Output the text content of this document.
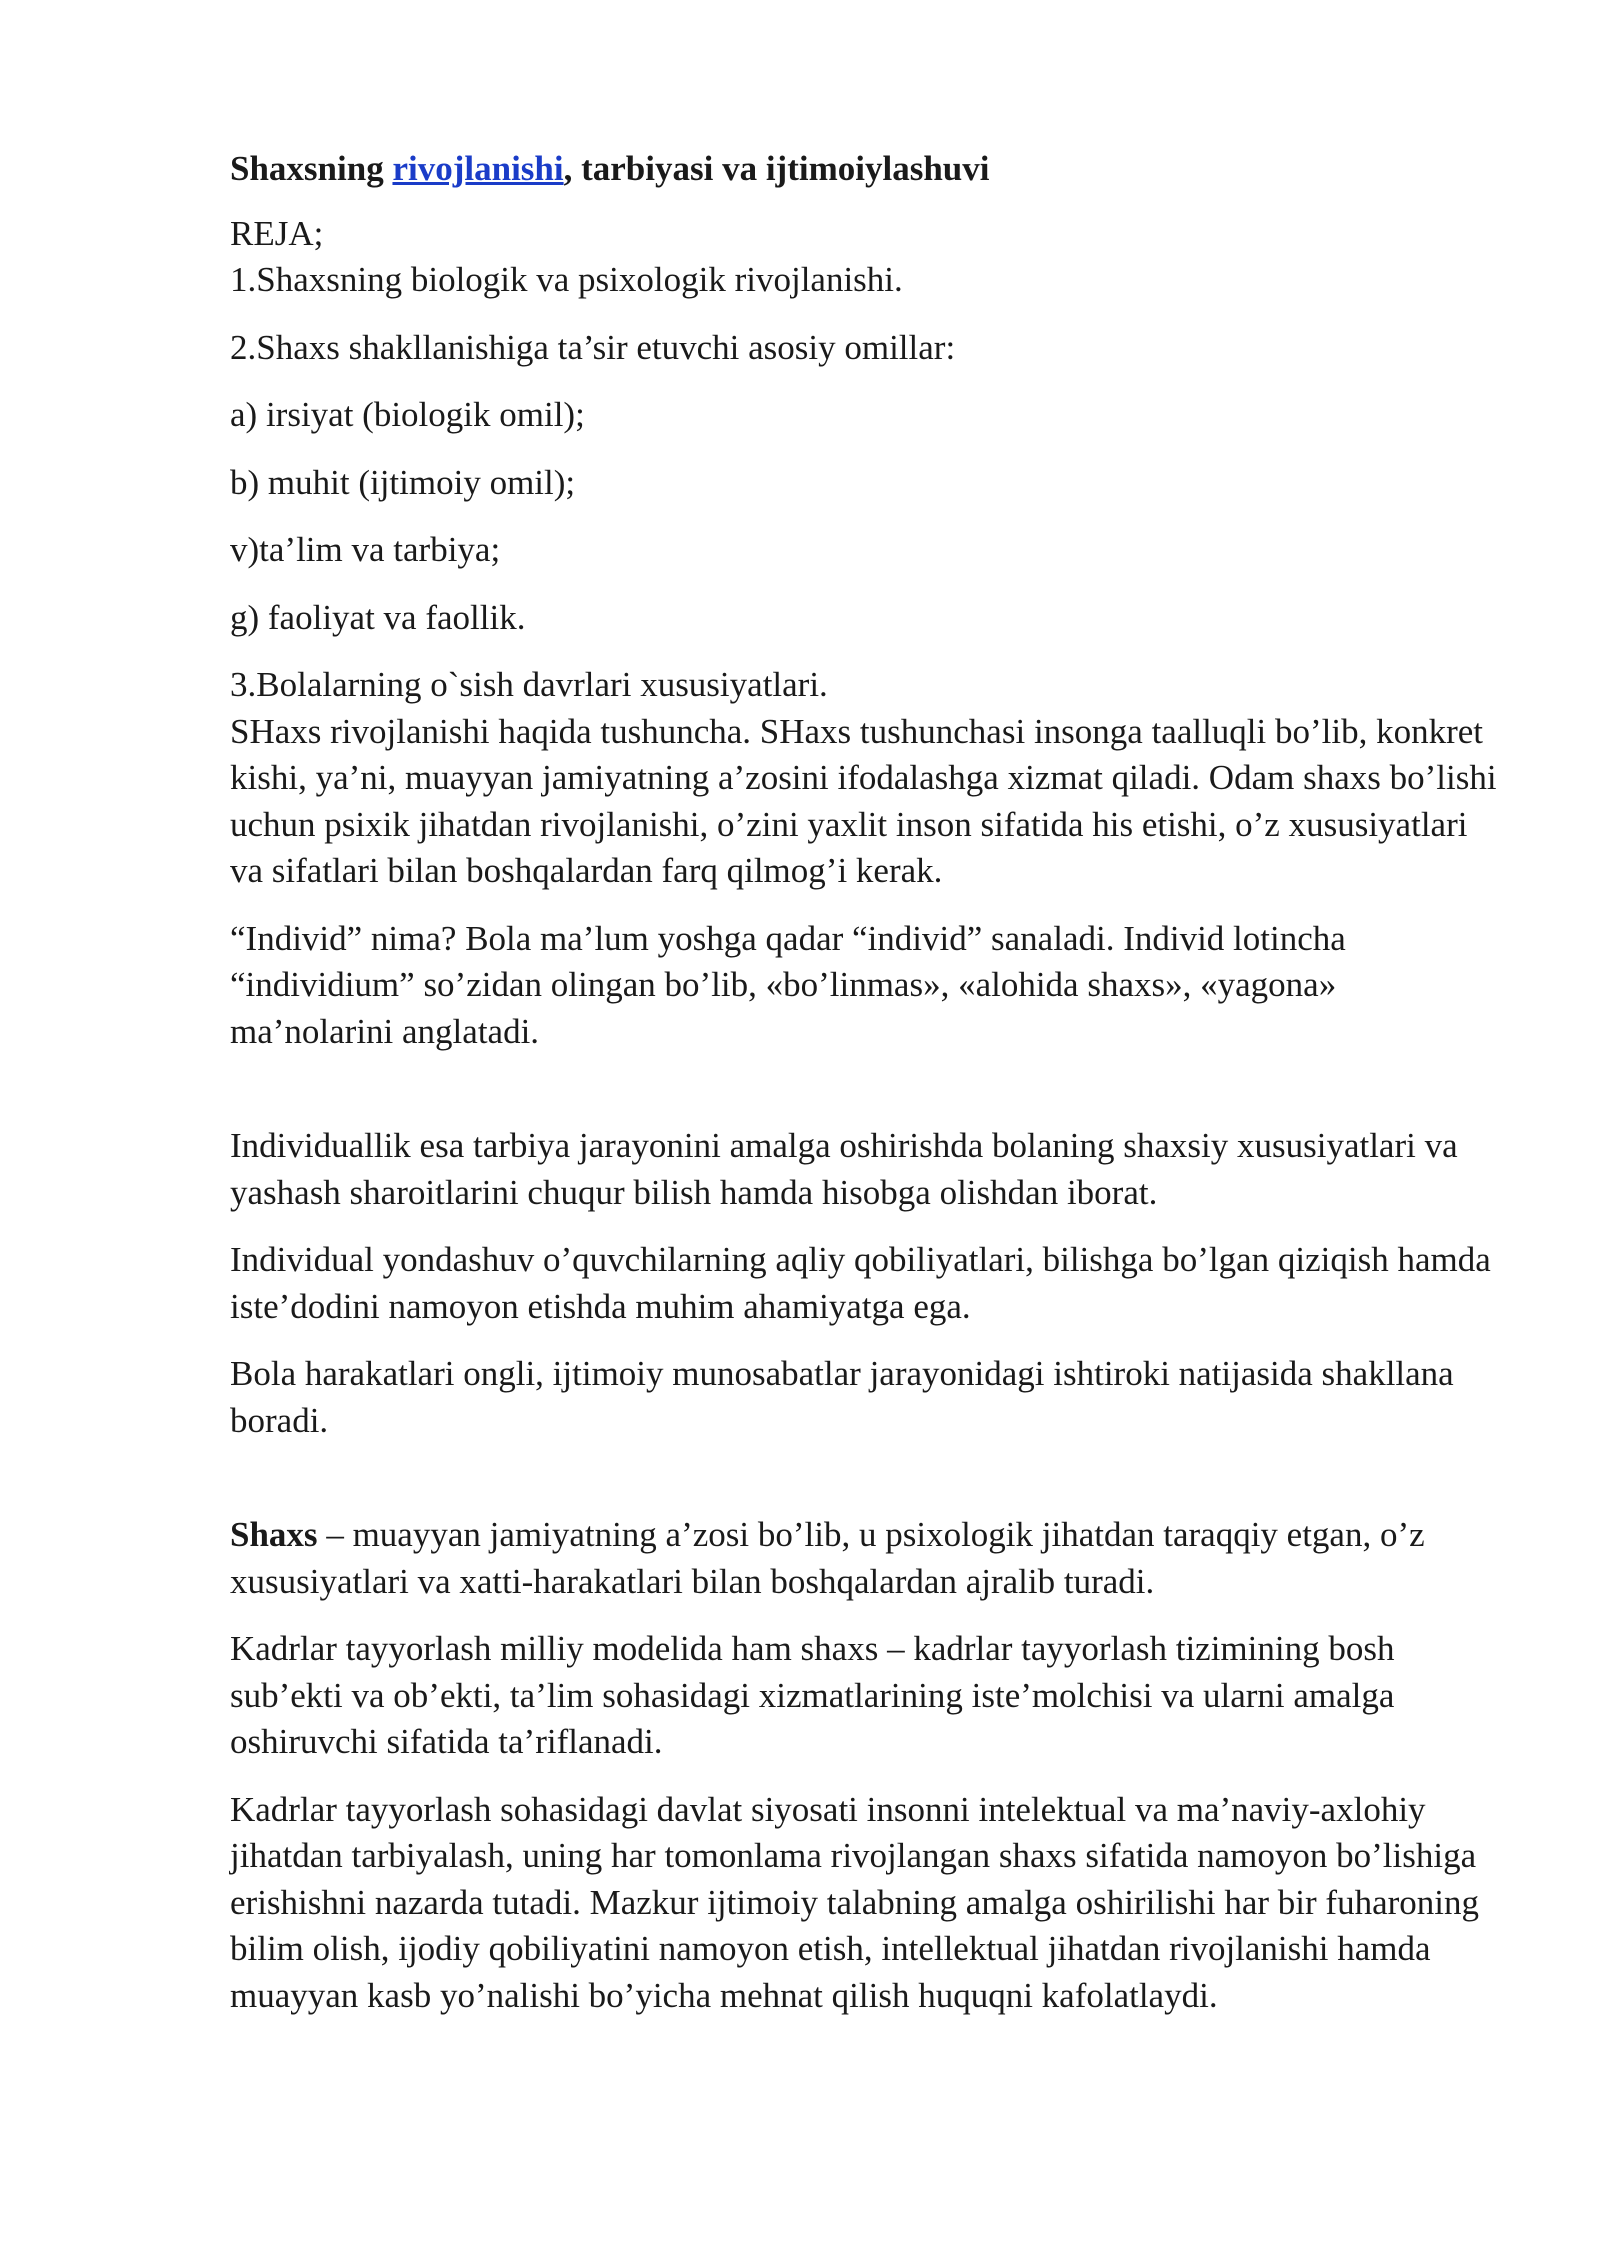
Shaxsning rivojlanishi, tarbiyasi va ijtimoiylashuvi

REJA;

1.Shaxsning biologik va psixologik rivojlanishi.

2.Shaxs shakllanishiga ta’sir etuvchi asosiy omillar:

a) irsiyat (biologik omil);

b) muhit (ijtimoiy omil);

v)ta’lim va tarbiya;

g) faoliyat va faollik.

3.Bolalarning o`sish davrlari xususiyatlari.

SHaxs rivojlanishi haqida tushuncha. SHaxs tushunchasi insonga taalluqli bo’lib, konkret kishi, ya’ni, muayyan jamiyatning a’zosini ifodalashga xizmat qiladi. Odam shaxs bo’lishi uchun psixik jihatdan rivojlanishi, o’zini yaxlit inson sifatida his etishi, o’z xususiyatlari va sifatlari bilan boshqalardan farq qilmog’i kerak.

“Individ” nima? Bola ma’lum yoshga qadar “individ” sanaladi. Individ lotincha “individium” so’zidan olingan bo’lib, «bo’linmas», «alohida shaxs», «yagona» ma’nolarini anglatadi.

Individuallik esa tarbiya jarayonini amalga oshirishda bolaning shaxsiy xususiyatlari va yashash sharoitlarini chuqur bilish hamda hisobga olishdan iborat.

Individual yondashuv o’quvchilarning aqliy qobiliyatlari, bilishga bo’lgan qiziqish hamda iste’dodini namoyon etishda muhim ahamiyatga ega.

Bola harakatlari ongli, ijtimoiy munosabatlar jarayonidagi ishtiroki natijasida shakllana boradi.

Shaxs – muayyan jamiyatning a’zosi bo’lib, u psixologik jihatdan taraqqiy etgan, o’z xususiyatlari va xatti-harakatlari bilan boshqalardan ajralib turadi.

Kadrlar tayyorlash milliy modelida ham shaxs – kadrlar tayyorlash tizimining bosh sub’ekti va ob’ekti, ta’lim sohasidagi xizmatlarining iste’molchisi va ularni amalga oshiruvchi sifatida ta’riflanadi.

Kadrlar tayyorlash sohasidagi davlat siyosati insonni intelektual va ma’naviy-axlohiy jihatdan tarbiyalash, uning har tomonlama rivojlangan shaxs sifatida namoyon bo’lishiga erishishni nazarda tutadi. Mazkur ijtimoiy talabning amalga oshirilishi har bir fuharoning bilim olish, ijodiy qobiliyatini namoyon etish, intellektual jihatdan rivojlanishi hamda muayyan kasb yo’nalishi bo’yicha mehnat qilish huquqni kafolatlaydi.
